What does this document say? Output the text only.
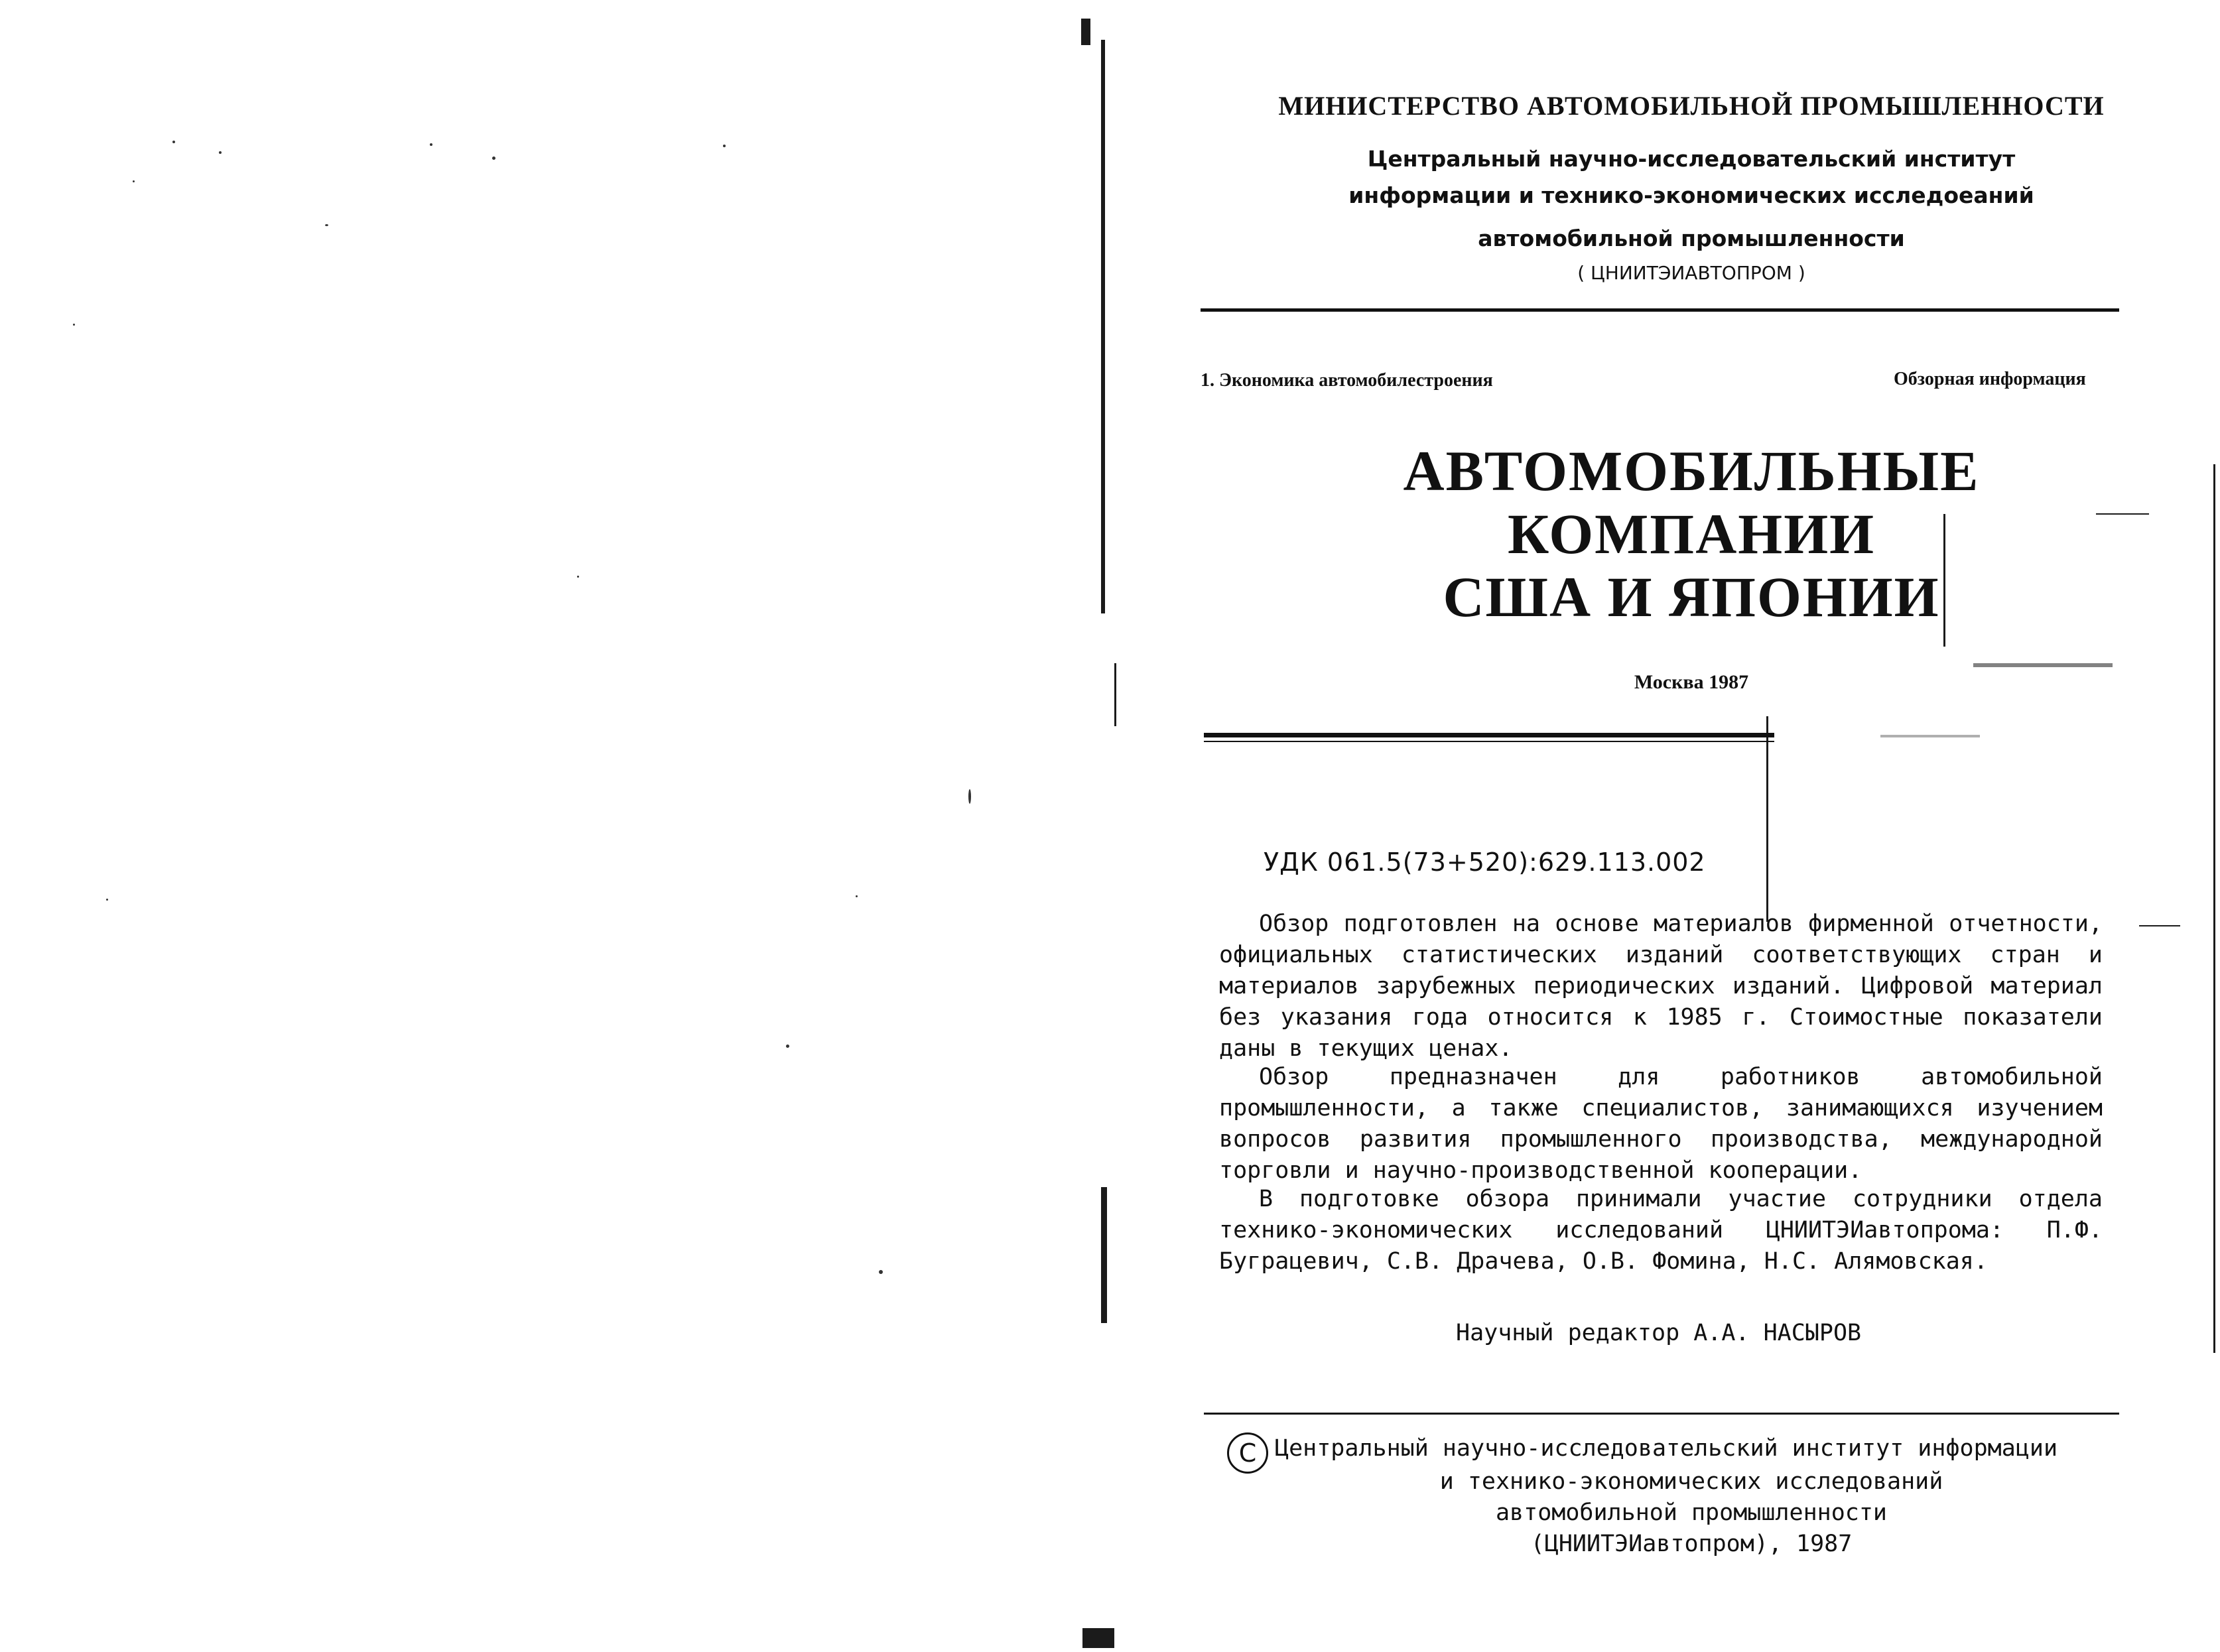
МИНИСТЕРСТВО АВТОМОБИЛЬНОЙ ПРОМЫШЛЕННОСТИ
Центральный научно-исследовательский институт
информации и технико-экономических исследоеаний
автомобильной промышленности
( ЦНИИТЭИАВТОПРОМ )
1. Экономика автомобилестроения	Обзорная информация
АВТОМОБИЛЬНЫЕ
КОМПАНИИ
США И ЯПОНИИ
Москва 1987
УДК 061.5(73+520):629.113.002

Обзор подготовлен на основе материалов фирменной отчетности, официальных статистических изданий соответствующих стран и материалов зарубежных периодических изданий. Цифровой материал без указания года относится к 1985 г. Стоимостные показатели даны в текущих ценах.

Обзор предназначен для работников автомобильной промышленности, а также специалистов, занимающихся изучением вопросов развития промышленного производства, международной торговли и научно-производственной кооперации.

В подготовке обзора принимали участие сотрудники отдела технико-экономических исследований ЦНИИТЭИавтопрома: П.Ф. Буграцевич, С.В. Драчева, О.В. Фомина, Н.С. Алямовская.

Научный редактор А.А. НАСЫРОВ
С Центральный научно-исследовательский институт информации
и технико-экономических исследований
автомобильной промышленности
(ЦНИИТЭИавтопром), 1987
